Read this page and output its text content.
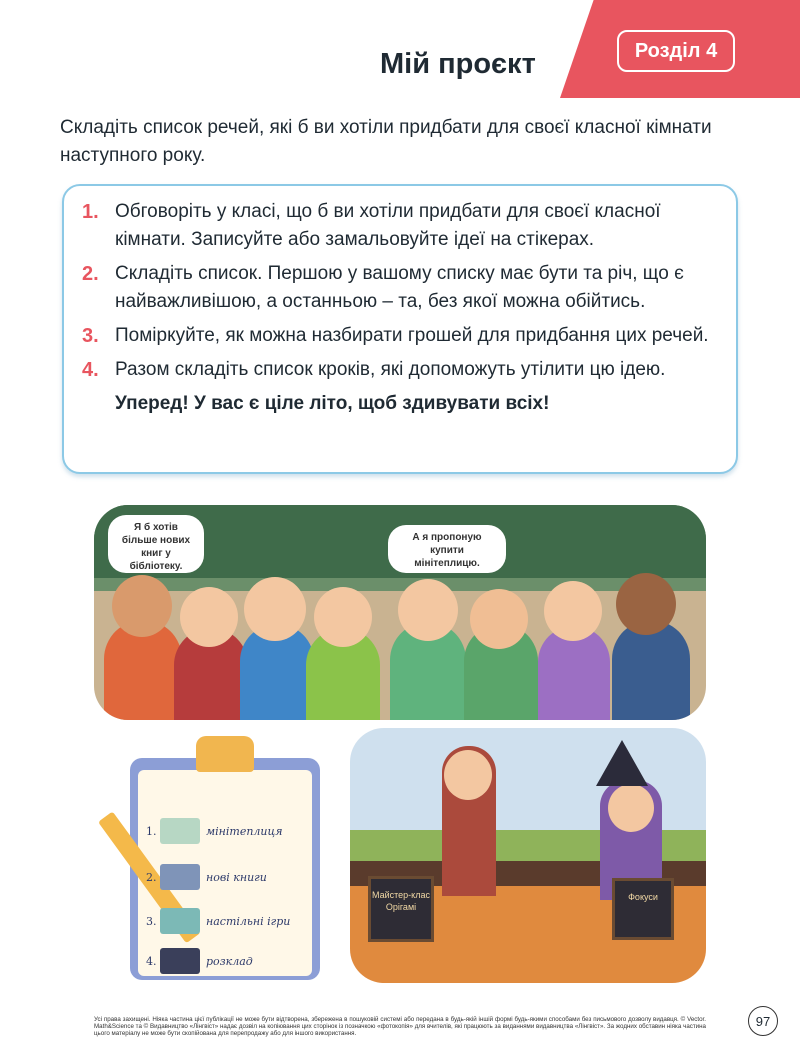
Розділ 4
Мій проєкт
Складіть список речей, які б ви хотіли придбати для своєї класної кімнати наступного року.
1. Обговоріть у класі, що б ви хотіли придбати для своєї класної кімнати. Записуйте або замальовуйте ідеї на стікерах.
2. Складіть список. Першою у вашому списку має бути та річ, що є найважливішою, а останньою – та, без якої можна обійтись.
3. Поміркуйте, як можна назбирати грошей для придбання цих речей.
4. Разом складіть список кроків, які допоможуть утілити цю ідею.
Уперед! У вас є ціле літо, щоб здивувати всіх!
Я б хотів більше нових книг у бібліотеку.
А я пропоную купити мінітеплицю.
1.	мінітеплиця
2.	нові книги
3.	настільні ігри
4.	розклад
Майстер-клас Орігамі
Фокуси
Усі права захищені. Ніяка частина цієї публікації не може бути відтворена, збережена в пошуковій системі або передана в будь-якій іншій формі будь-якими способами без письмового дозволу видавця. © Vector. Math&Science та © Видавництво «Лінгвіст» надає дозвіл на копіювання цих сторінок із позначкою «фотокопія» для вчителів, які працюють за виданнями видавництва «Лінгвіст». За жодних обставин ніяка частина цього матеріалу не може бути скопійована для перепродажу або для іншого використання.
97
